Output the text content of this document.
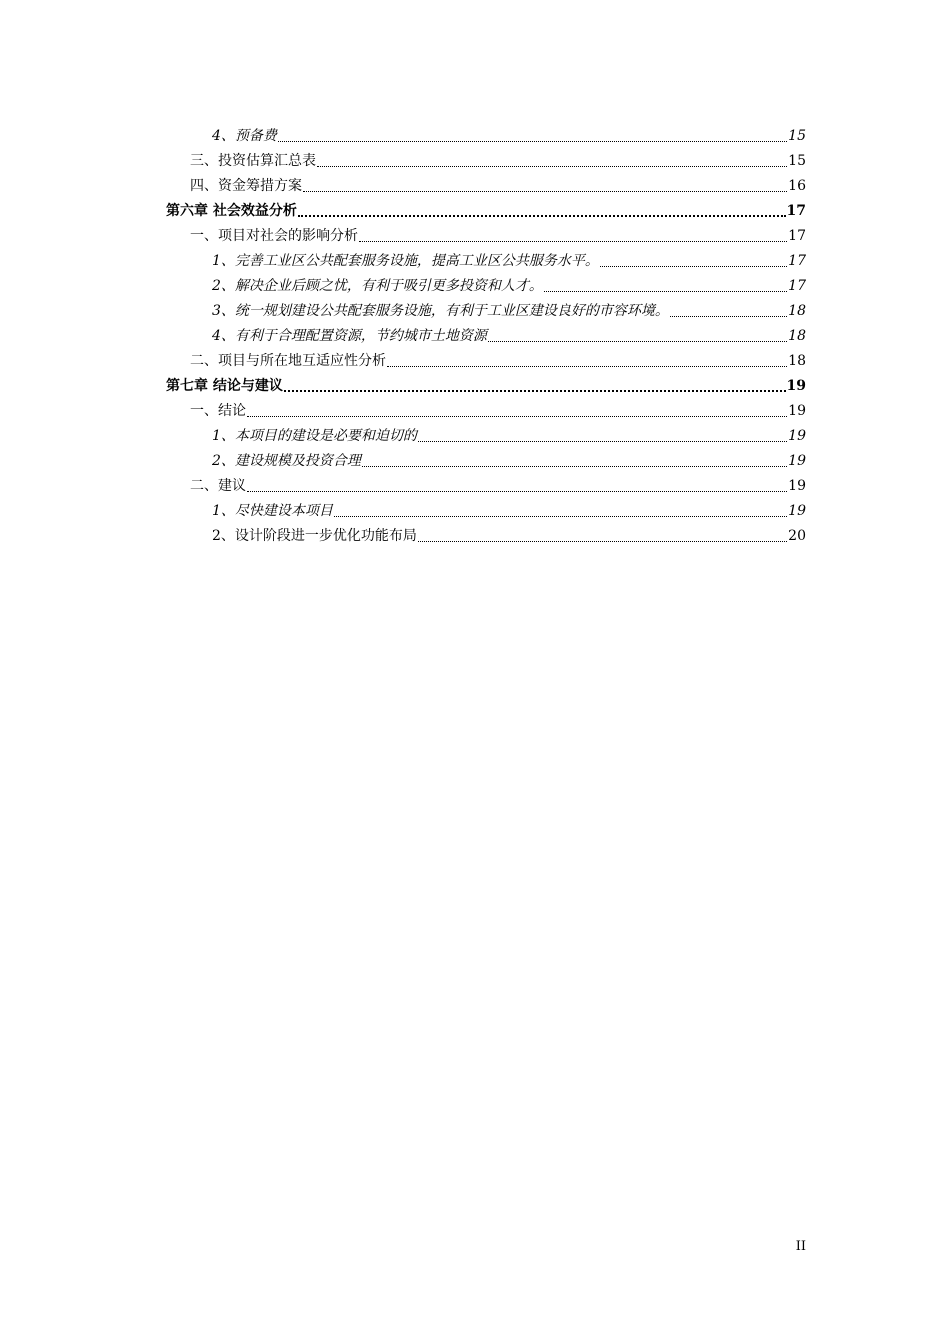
4、预备费	15
三、投资估算汇总表	15
四、资金筹措方案	16
第六章 社会效益分析	17
一、项目对社会的影响分析	17
1、完善工业区公共配套服务设施，提高工业区公共服务水平。	17
2、解决企业后顾之忧，有利于吸引更多投资和人才。	17
3、统一规划建设公共配套服务设施，有利于工业区建设良好的市容环境。	18
4、有利于合理配置资源，节约城市土地资源	18
二、项目与所在地互适应性分析	18
第七章 结论与建议	19
一、结论	19
1、本项目的建设是必要和迫切的	19
2、建设规模及投资合理	19
二、建议	19
1、尽快建设本项目	19
2、设计阶段进一步优化功能布局	20
II
